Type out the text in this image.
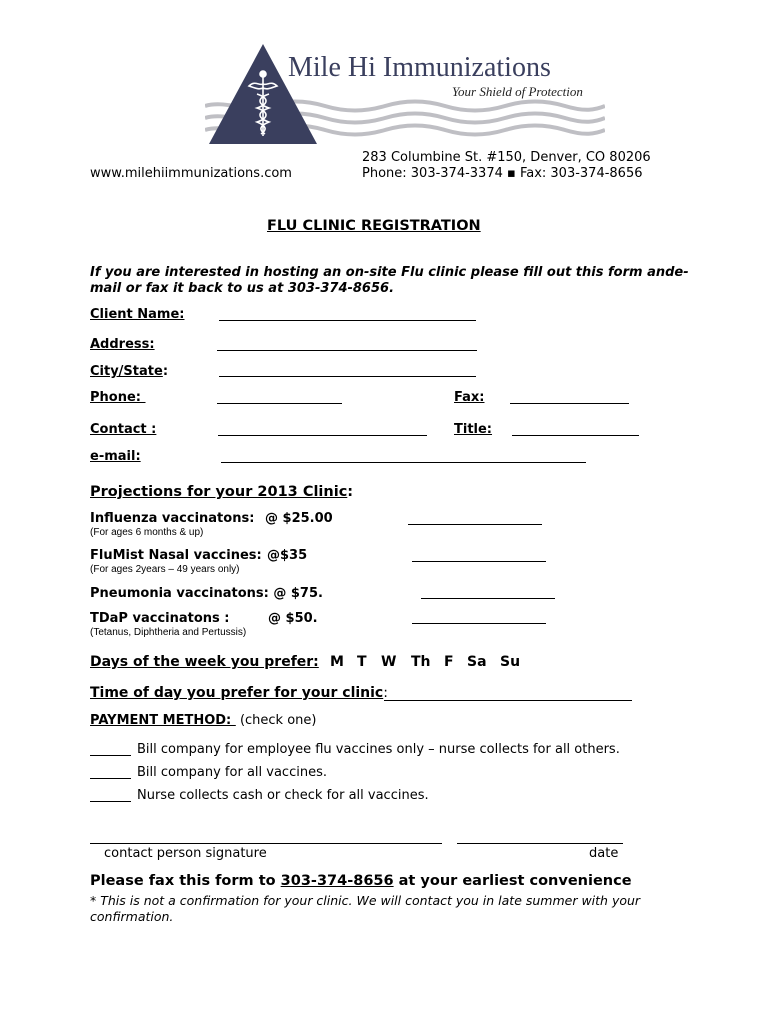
Mile Hi Immunizations
Your Shield of Protection
www.milehiimmunizations.com
283 Columbine St. #150, Denver, CO 80206
Phone: 303-374-3374 ▪ Fax: 303-374-8656
FLU CLINIC REGISTRATION
If you are interested in hosting an on-site Flu clinic please fill out this form ande-
mail or fax it back to us at 303-374-8656.
Client Name:
Address:
City/State:
Phone:	Fax:
Contact :	Title:
e-mail:
Projections for your 2013 Clinic:
Influenza vaccinatons: @ $25.00
(For ages 6 months & up)
FluMist Nasal vaccines: @$35
(For ages 2years – 49 years only)
Pneumonia vaccinatons: @ $75.
TDaP vaccinatons :	@ $50.
(Tetanus, Diphtheria and Pertussis)
Days of the week you prefer: M T W Th F Sa Su
Time of day you prefer for your clinic:
PAYMENT METHOD:  (check one)
Bill company for employee flu vaccines only – nurse collects for all others.
Bill company for all vaccines.
Nurse collects cash or check for all vaccines.
contact person signature	date
Please fax this form to 303-374-8656 at your earliest convenience
* This is not a confirmation for your clinic. We will contact you in late summer with your
confirmation.
